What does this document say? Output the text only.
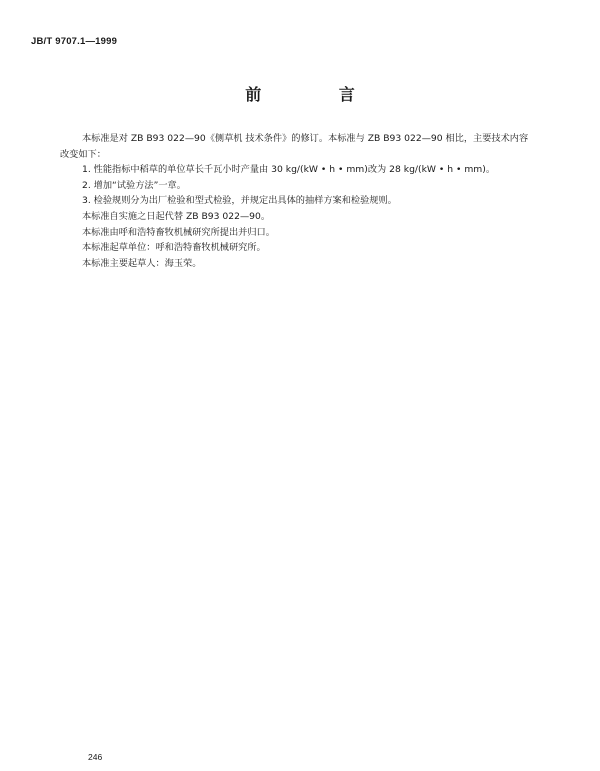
JB/T 9707.1—1999
前 言

本标准是对 ZB B93 022—90《侧草机 技术条件》的修订。本标准与 ZB B93 022—90 相比，主要技术内容改变如下：

1. 性能指标中稻草的单位草长千瓦小时产量由 30 kg/(kW • h • mm)改为 28 kg/(kW • h • mm)。

2. 增加“试验方法”一章。

3. 检验规则分为出厂检验和型式检验，并规定出具体的抽样方案和检验规则。

本标准自实施之日起代替 ZB B93 022—90。

本标准由呼和浩特畜牧机械研究所提出并归口。

本标准起草单位：呼和浩特畜牧机械研究所。

本标准主要起草人：海玉荣。

246
